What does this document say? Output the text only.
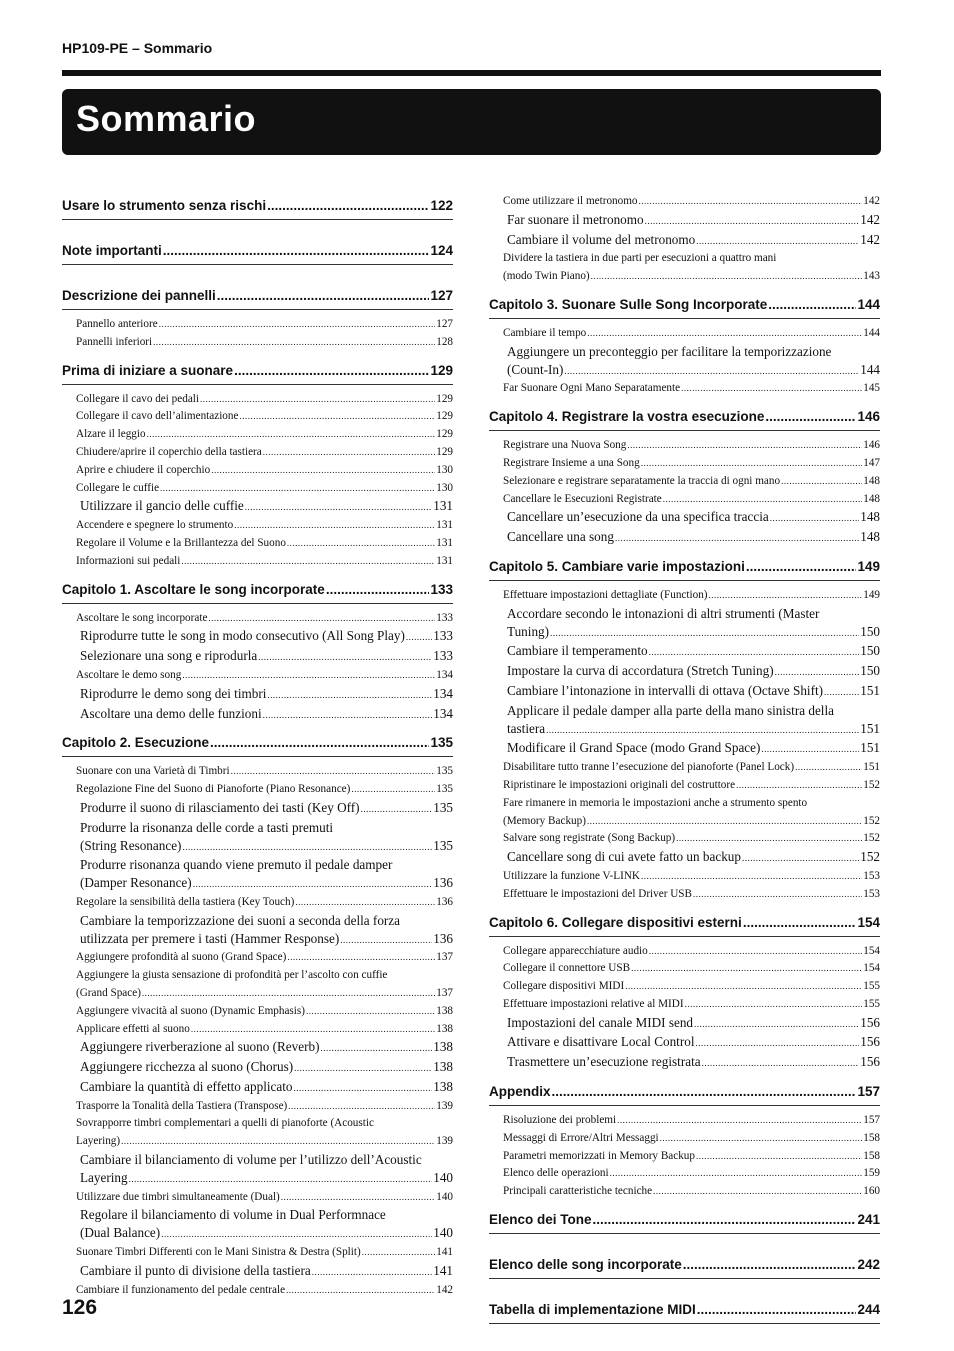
HP109-PE – Sommario
Sommario
Usare lo strumento senza rischi .....	122
Note importanti .....	124
Descrizione dei pannelli .....	127
Pannello anteriore .....	127
Pannelli inferiori .....	128
Prima di iniziare a suonare .....	129
Collegare il cavo dei pedali .....	129
Collegare il cavo dell’alimentazione .....	129
Alzare il leggio .....	129
Chiudere/aprire il coperchio della tastiera .....	129
Aprire e chiudere il coperchio .....	130
Collegare le cuffie .....	130
Utilizzare il gancio delle cuffie .....	131
Accendere e spegnere lo strumento .....	131
Regolare il Volume e la Brillantezza del Suono .....	131
Informazioni sui pedali .....	131
Capitolo 1. Ascoltare le song incorporate .....	133
Ascoltare le song incorporate .....	133
Riprodurre tutte le song in modo consecutivo (All Song Play) ..... 133
Selezionare una song e riprodurla .....	133
Ascoltare le demo song .....	134
Riprodurre le demo song dei timbri .....	134
Ascoltare una demo delle funzioni .....	134
Capitolo 2. Esecuzione .....	135
Suonare con una Varietà di Timbri .....	135
Regolazione Fine del Suono di Pianoforte (Piano Resonance) .....	135
Produrre il suono di rilasciamento dei tasti (Key Off) .....	135
Produrre la risonanza delle corde a tasti premuti
(String Resonance) .....	135
Produrre risonanza quando viene premuto il pedale damper
(Damper Resonance) .....	136
Regolare la sensibilità della tastiera (Key Touch) .....	136
Cambiare la temporizzazione dei suoni a seconda della forza
utilizzata per premere i tasti (Hammer Response) .....	136
Aggiungere profondità al suono (Grand Space) .....	137
Aggiungere la giusta sensazione di profondità per l’ascolto con cuffie
(Grand Space) .....	137
Aggiungere vivacità al suono (Dynamic Emphasis) .....	138
Applicare effetti al suono .....	138
Aggiungere riverberazione al suono (Reverb) .....	138
Aggiungere ricchezza al suono (Chorus) .....	138
Cambiare la quantità di effetto applicato .....	138
Trasporre la Tonalità della Tastiera (Transpose) .....	139
Sovrapporre timbri complementari a quelli di pianoforte (Acoustic
Layering) .....	139
Cambiare il bilanciamento di volume per l’utilizzo dell’Acoustic
Layering .....	140
Utilizzare due timbri simultaneamente (Dual) .....	140
Regolare il bilanciamento di volume in Dual Performnace
(Dual Balance) .....	140
Suonare Timbri Differenti con le Mani Sinistra & Destra (Split) .....	141
Cambiare il punto di divisione della tastiera .....	141
Cambiare il funzionamento del pedale centrale .....	142
Come utilizzare il metronomo .....	142
Far suonare il metronomo .....	142
Cambiare il volume del metronomo .....	142
Dividere la tastiera in due parti per esecuzioni a quattro mani
(modo Twin Piano) .....	143
Capitolo 3. Suonare Sulle Song Incorporate .....	144
Cambiare il tempo .....	144
Aggiungere un preconteggio per facilitare la temporizzazione
(Count-In) .....	144
Far Suonare Ogni Mano Separatamente .....	145
Capitolo 4. Registrare la vostra esecuzione .....	146
Registrare una Nuova Song .....	146
Registrare Insieme a una Song .....	147
Selezionare e registrare separatamente la traccia di ogni mano .....	148
Cancellare le Esecuzioni Registrate .....	148
Cancellare un’esecuzione da una specifica traccia .....	148
Cancellare una song .....	148
Capitolo 5. Cambiare varie impostazioni .....	149
Effettuare impostazioni dettagliate (Function) .....	149
Accordare secondo le intonazioni di altri strumenti (Master
Tuning) .....	150
Cambiare il temperamento .....	150
Impostare la curva di accordatura (Stretch Tuning) .....	150
Cambiare l’intonazione in intervalli di ottava (Octave Shift) .....	151
Applicare il pedale damper alla parte della mano sinistra della
tastiera .....	151
Modificare il Grand Space (modo Grand Space) .....	151
Disabilitare tutto tranne l’esecuzione del pianoforte (Panel Lock) .....	151
Ripristinare le impostazioni originali del costruttore .....	152
Fare rimanere in memoria le impostazioni anche a strumento spento
(Memory Backup) .....	152
Salvare song registrate (Song Backup) .....	152
Cancellare song di cui avete fatto un backup .....	152
Utilizzare la funzione V-LINK .....	153
Effettuare le impostazioni del Driver USB .....	153
Capitolo 6. Collegare dispositivi esterni .....	154
Collegare apparecchiature audio .....	154
Collegare il connettore USB .....	154
Collegare dispositivi MIDI .....	155
Effettuare impostazioni relative al MIDI .....	155
Impostazioni del canale MIDI send .....	156
Attivare e disattivare Local Control .....	156
Trasmettere un’esecuzione registrata .....	156
Appendix .....	157
Risoluzione dei problemi .....	157
Messaggi di Errore/Altri Messaggi .....	158
Parametri memorizzati in Memory Backup .....	158
Elenco delle operazioni .....	159
Principali caratteristiche tecniche .....	160
Elenco dei Tone .....	241
Elenco delle song incorporate .....	242
Tabella di implementazione MIDI .....	244
126
